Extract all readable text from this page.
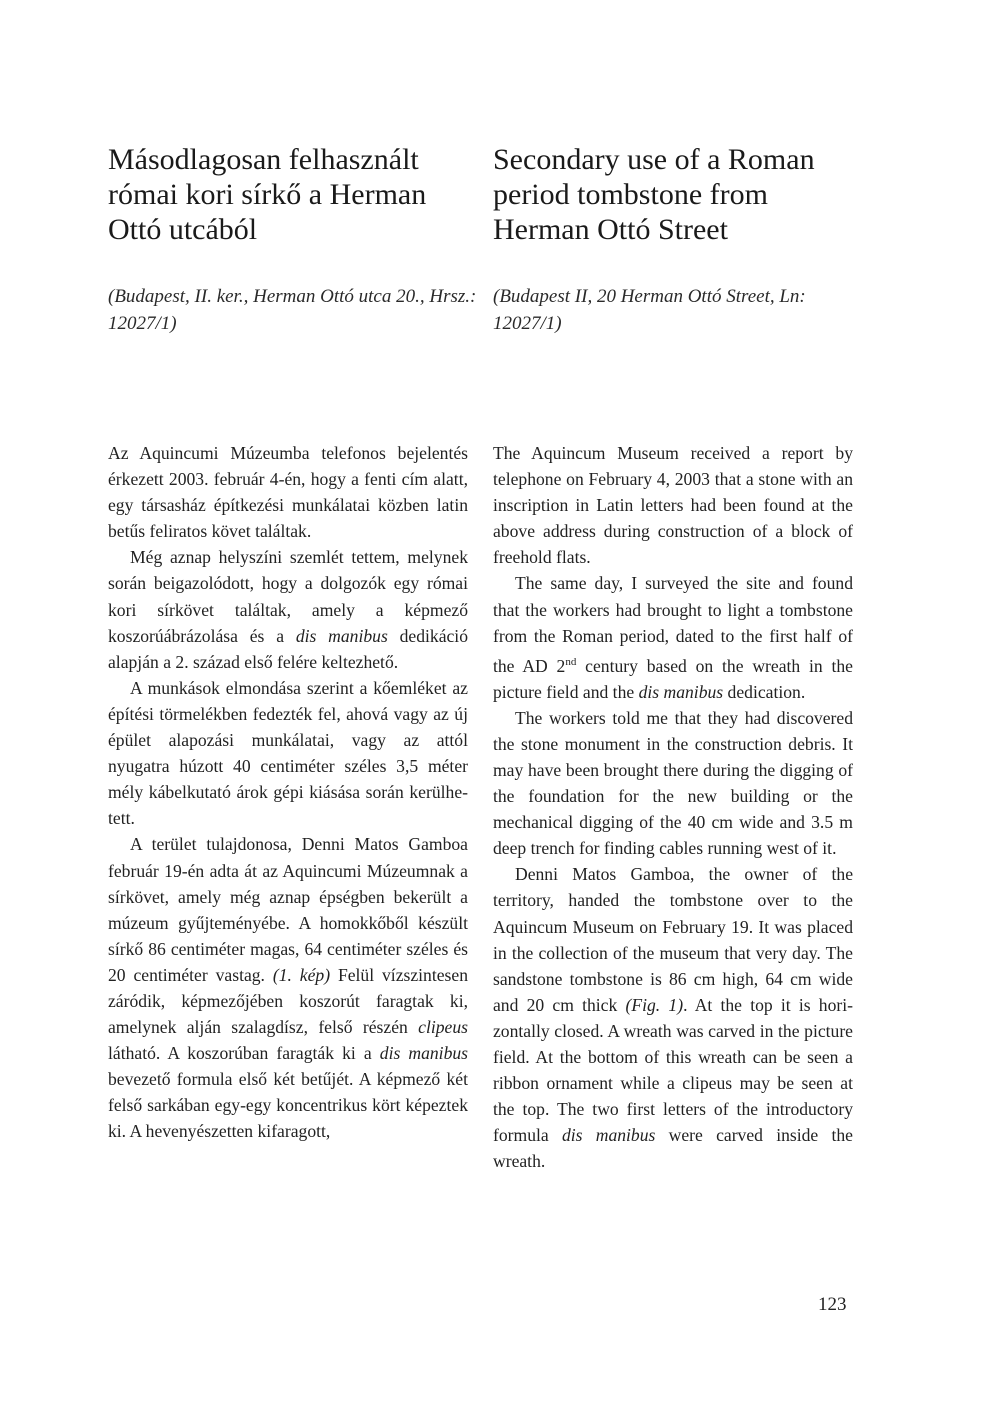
Másodlagosan felhasznált római kori sírkő a Herman Ottó utcából

(Budapest, II. ker., Herman Ottó utca 20., Hrsz.: 12027/1)

Az Aquincumi Múzeumba telefonos bejelentés érkezett 2003. február 4-én, hogy a fenti cím alatt, egy társasház építkezési munkálatai közben latin betűs feliratos követ találtak.

Még aznap helyszíni szemlét tettem, melynek során beigazolódott, hogy a dolgozók egy római kori sírkövet találtak, amely a képmező koszorúábrázolása és a dis manibus dedikáció alapján a 2. század első felére keltezhető.

A munkások elmondása szerint a kőemléket az építési törmelékben fedezték fel, ahová vagy az új épület alapozási munkálatai, vagy az attól nyugatra húzott 40 centiméter széles 3,5 méter mély kábelkutató árok gépi kiásása során kerülhetett.

A terület tulajdonosa, Denni Matos Gamboa február 19-én adta át az Aquincumi Múzeumnak a sírkövet, amely még aznap épségben bekerült a múzeum gyűjteményébe. A homokkőből készült sírkő 86 centiméter magas, 64 centiméter széles és 20 centiméter vastag. (1. kép) Felül vízszintesen záródik, képmezőjében koszorút faragtak ki, amelynek alján szalagdísz, felső részén clipeus látható. A koszorúban faragták ki a dis manibus bevezető formula első két betűjét. A képmező két felső sarkában egy-egy koncentrikus kört képeztek ki. A hevenyészetten kifaragott,

Secondary use of a Roman period tombstone from Herman Ottó Street

(Budapest II, 20 Herman Ottó Street, Ln: 12027/1)

The Aquincum Museum received a report by telephone on February 4, 2003 that a stone with an inscription in Latin letters had been found at the above address during construction of a block of freehold flats.

The same day, I surveyed the site and found that the workers had brought to light a tombstone from the Roman period, dated to the first half of the AD 2nd century based on the wreath in the picture field and the dis manibus dedication.

The workers told me that they had discovered the stone monument in the construction debris. It may have been brought there during the digging of the foundation for the new building or the mechanical digging of the 40 cm wide and 3.5 m deep trench for finding cables running west of it.

Denni Matos Gamboa, the owner of the territory, handed the tombstone over to the Aquincum Museum on February 19. It was placed in the collection of the museum that very day. The sandstone tombstone is 86 cm high, 64 cm wide and 20 cm thick (Fig. 1). At the top it is horizontally closed. A wreath was carved in the picture field. At the bottom of this wreath can be seen a ribbon ornament while a clipeus may be seen at the top. The two first letters of the introductory formula dis manibus were carved inside the wreath.

123
